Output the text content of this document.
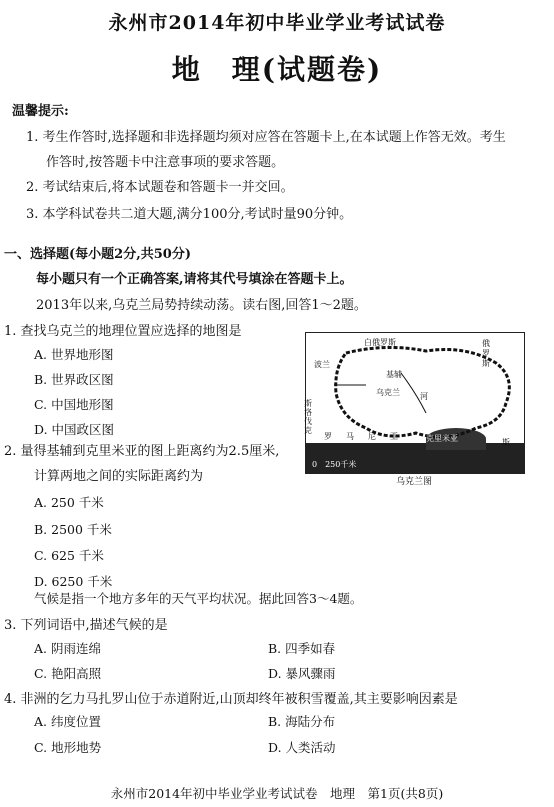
永州市2014年初中毕业学业考试试卷
地　理(试题卷)
温馨提示:
1. 考生作答时,选择题和非选择题均须对应答在答题卡上,在本试题上作答无效。考生
作答时,按答题卡中注意事项的要求答题。
2. 考试结束后,将本试题卷和答题卡一并交回。
3. 本学科试卷共二道大题,满分100分,考试时量90分钟。
一、选择题(每小题2分,共50分)
每小题只有一个正确答案,请将其代号填涂在答题卡上。
2013年以来,乌克兰局势持续动荡。读右图,回答1～2题。
1. 查找乌克兰的地理位置应选择的地图是
A. 世界地形图
B. 世界政区图
C. 中国地形图
D. 中国政区图
2. 量得基辅到克里米亚的图上距离约为2.5厘米,
计算两地之间的实际距离约为
A. 250 千米
B. 2500 千米
C. 625 千米
D. 6250 千米
白俄罗斯
波兰
斯洛伐克
基辅
乌克兰	河
罗马尼亚
俄罗斯
克里米亚	斯
0　250千米
乌克兰图
气候是指一个地方多年的天气平均状况。据此回答3～4题。
3. 下列词语中,描述气候的是
A. 阴雨连绵	B. 四季如春
C. 艳阳高照	D. 暴风骤雨
4. 非洲的乞力马扎罗山位于赤道附近,山顶却终年被积雪覆盖,其主要影响因素是
A. 纬度位置	B. 海陆分布
C. 地形地势	D. 人类活动
永州市2014年初中毕业学业考试试卷　地理　第1页(共8页)
